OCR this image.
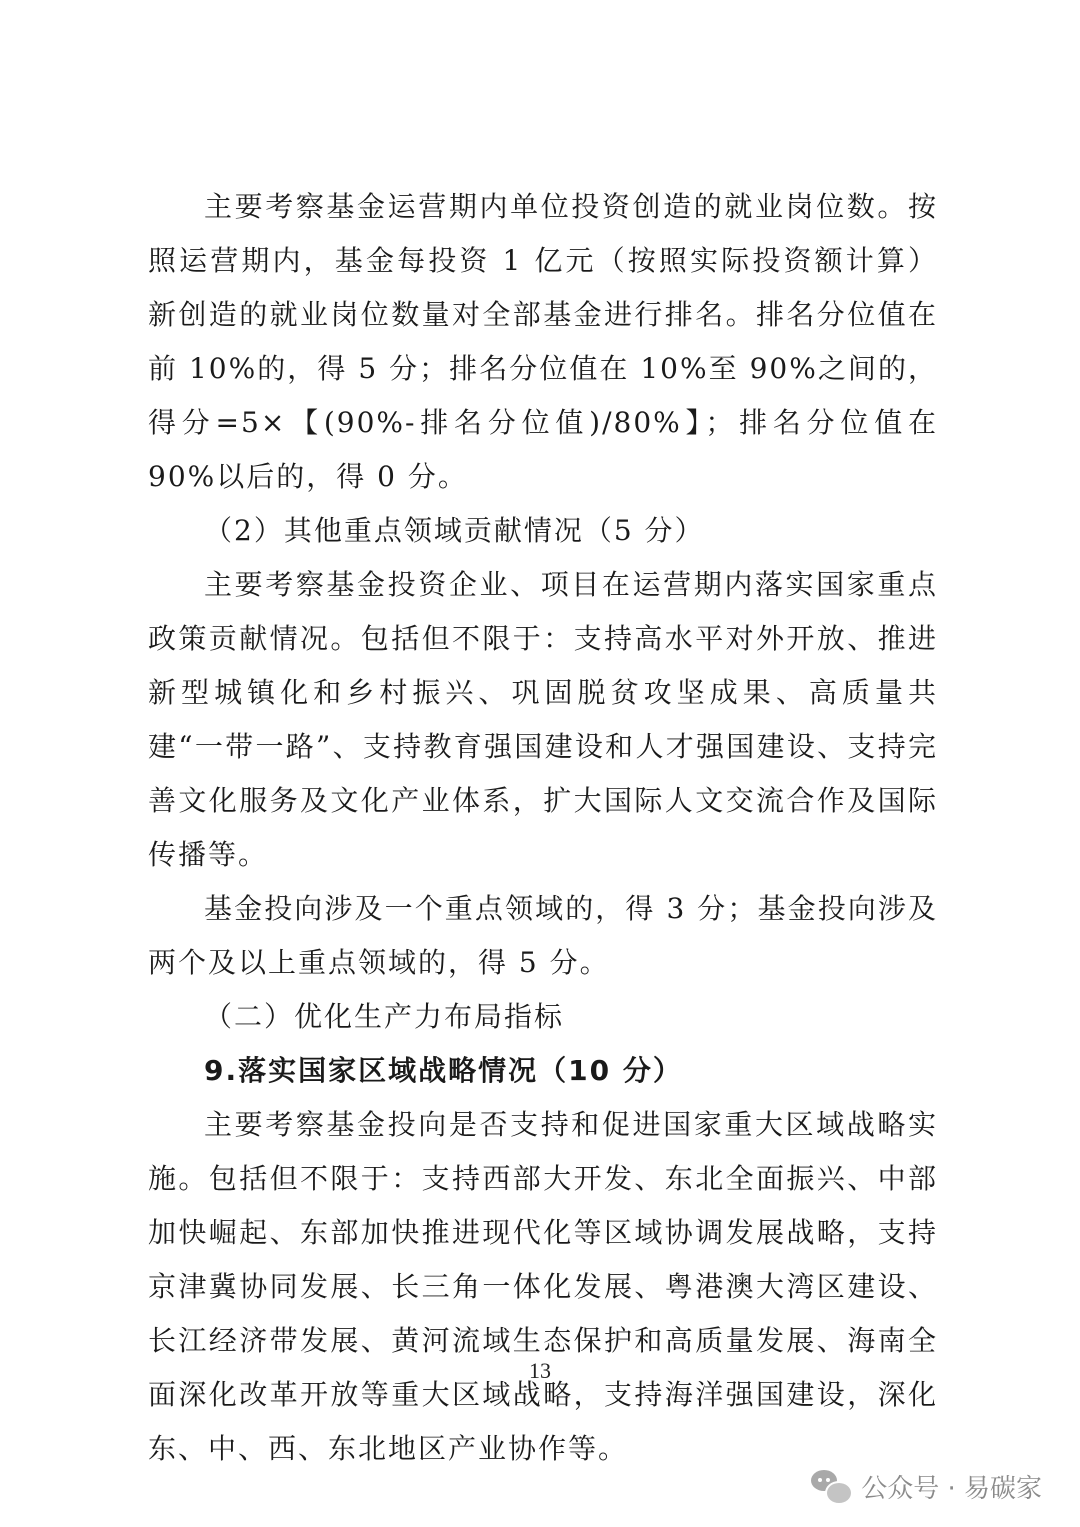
主要考察基金运营期内单位投资创造的就业岗位数。按照运营期内，基金每投资 1 亿元（按照实际投资额计算）新创造的就业岗位数量对全部基金进行排名。排名分位值在前 10%的，得 5 分；排名分位值在 10%至 90%之间的，得分=5×【(90%-排名分位值)/80%】；排名分位值在 90%以后的，得 0 分。

（2）其他重点领域贡献情况（5 分）

主要考察基金投资企业、项目在运营期内落实国家重点政策贡献情况。包括但不限于：支持高水平对外开放、推进新型城镇化和乡村振兴、巩固脱贫攻坚成果、高质量共建“一带一路”、支持教育强国建设和人才强国建设、支持完善文化服务及文化产业体系，扩大国际人文交流合作及国际传播等。

基金投向涉及一个重点领域的，得 3 分；基金投向涉及两个及以上重点领域的，得 5 分。

（二）优化生产力布局指标

9.落实国家区域战略情况（10 分）

主要考察基金投向是否支持和促进国家重大区域战略实施。包括但不限于：支持西部大开发、东北全面振兴、中部加快崛起、东部加快推进现代化等区域协调发展战略，支持京津冀协同发展、长三角一体化发展、粤港澳大湾区建设、长江经济带发展、黄河流域生态保护和高质量发展、海南全面深化改革开放等重大区域战略，支持海洋强国建设，深化东、中、西、东北地区产业协作等。

13
公众号 · 易碳家
